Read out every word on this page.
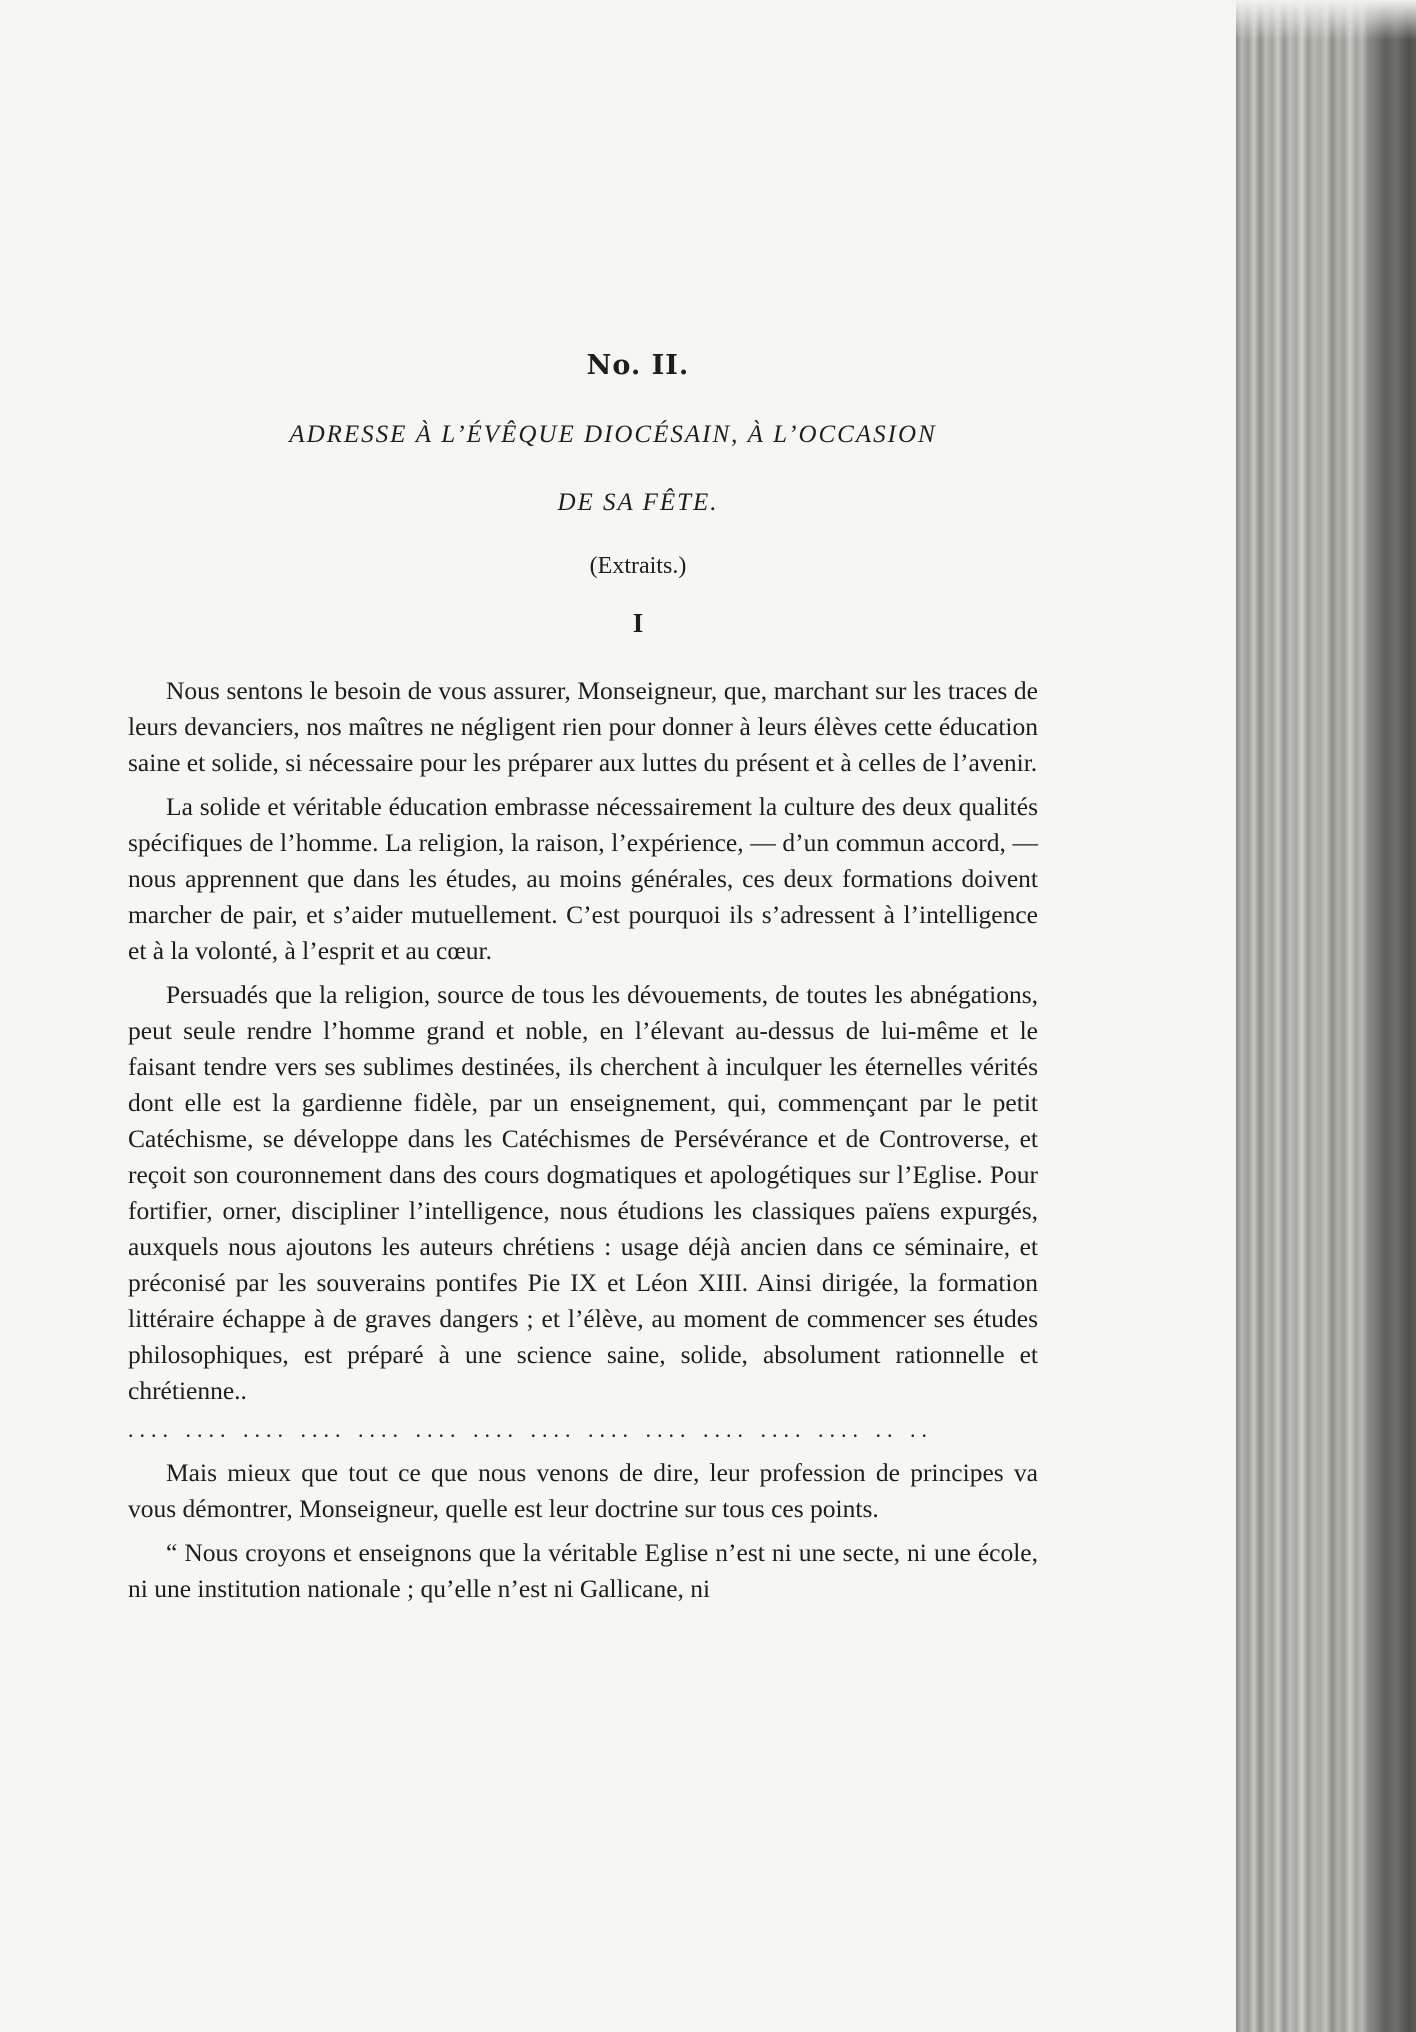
No. II.
ADRESSE À L’ÉVÊQUE DIOCÉSAIN, À L’OCCASION
DE SA FÊTE.
(Extraits.)
I

Nous sentons le besoin de vous assurer, Monseigneur, que, marchant sur les traces de leurs devanciers, nos maîtres ne négligent rien pour donner à leurs élèves cette éducation saine et solide, si nécessaire pour les préparer aux luttes du présent et à celles de l’avenir.

La solide et véritable éducation embrasse nécessairement la culture des deux qualités spécifiques de l’homme. La religion, la raison, l’expérience, — d’un commun accord, — nous apprennent que dans les études, au moins générales, ces deux formations doivent marcher de pair, et s’aider mutuellement. C’est pourquoi ils s’adressent à l’intelligence et à la volonté, à l’esprit et au cœur.

Persuadés que la religion, source de tous les dévouements, de toutes les abnégations, peut seule rendre l’homme grand et noble, en l’élevant au-dessus de lui-même et le faisant tendre vers ses sublimes destinées, ils cherchent à inculquer les éternelles vérités dont elle est la gardienne fidèle, par un enseignement, qui, commençant par le petit Catéchisme, se développe dans les Catéchismes de Persévérance et de Controverse, et reçoit son couronnement dans des cours dogmatiques et apologétiques sur l’Eglise. Pour fortifier, orner, discipliner l’intelligence, nous étudions les classiques païens expurgés, auxquels nous ajoutons les auteurs chrétiens : usage déjà ancien dans ce séminaire, et préconisé par les souverains pontifes Pie IX et Léon XIII. Ainsi dirigée, la formation littéraire échappe à de graves dangers ; et l’élève, au moment de commencer ses études philosophiques, est préparé à une science saine, solide, absolument rationnelle et chrétienne..

.... .... .... .... .... .... .... .... .... .... .... .... .... .. ..

Mais mieux que tout ce que nous venons de dire, leur profession de principes va vous démontrer, Monseigneur, quelle est leur doctrine sur tous ces points.

“ Nous croyons et enseignons que la véritable Eglise n’est ni une secte, ni une école, ni une institution nationale ; qu’elle n’est ni Gallicane, ni
